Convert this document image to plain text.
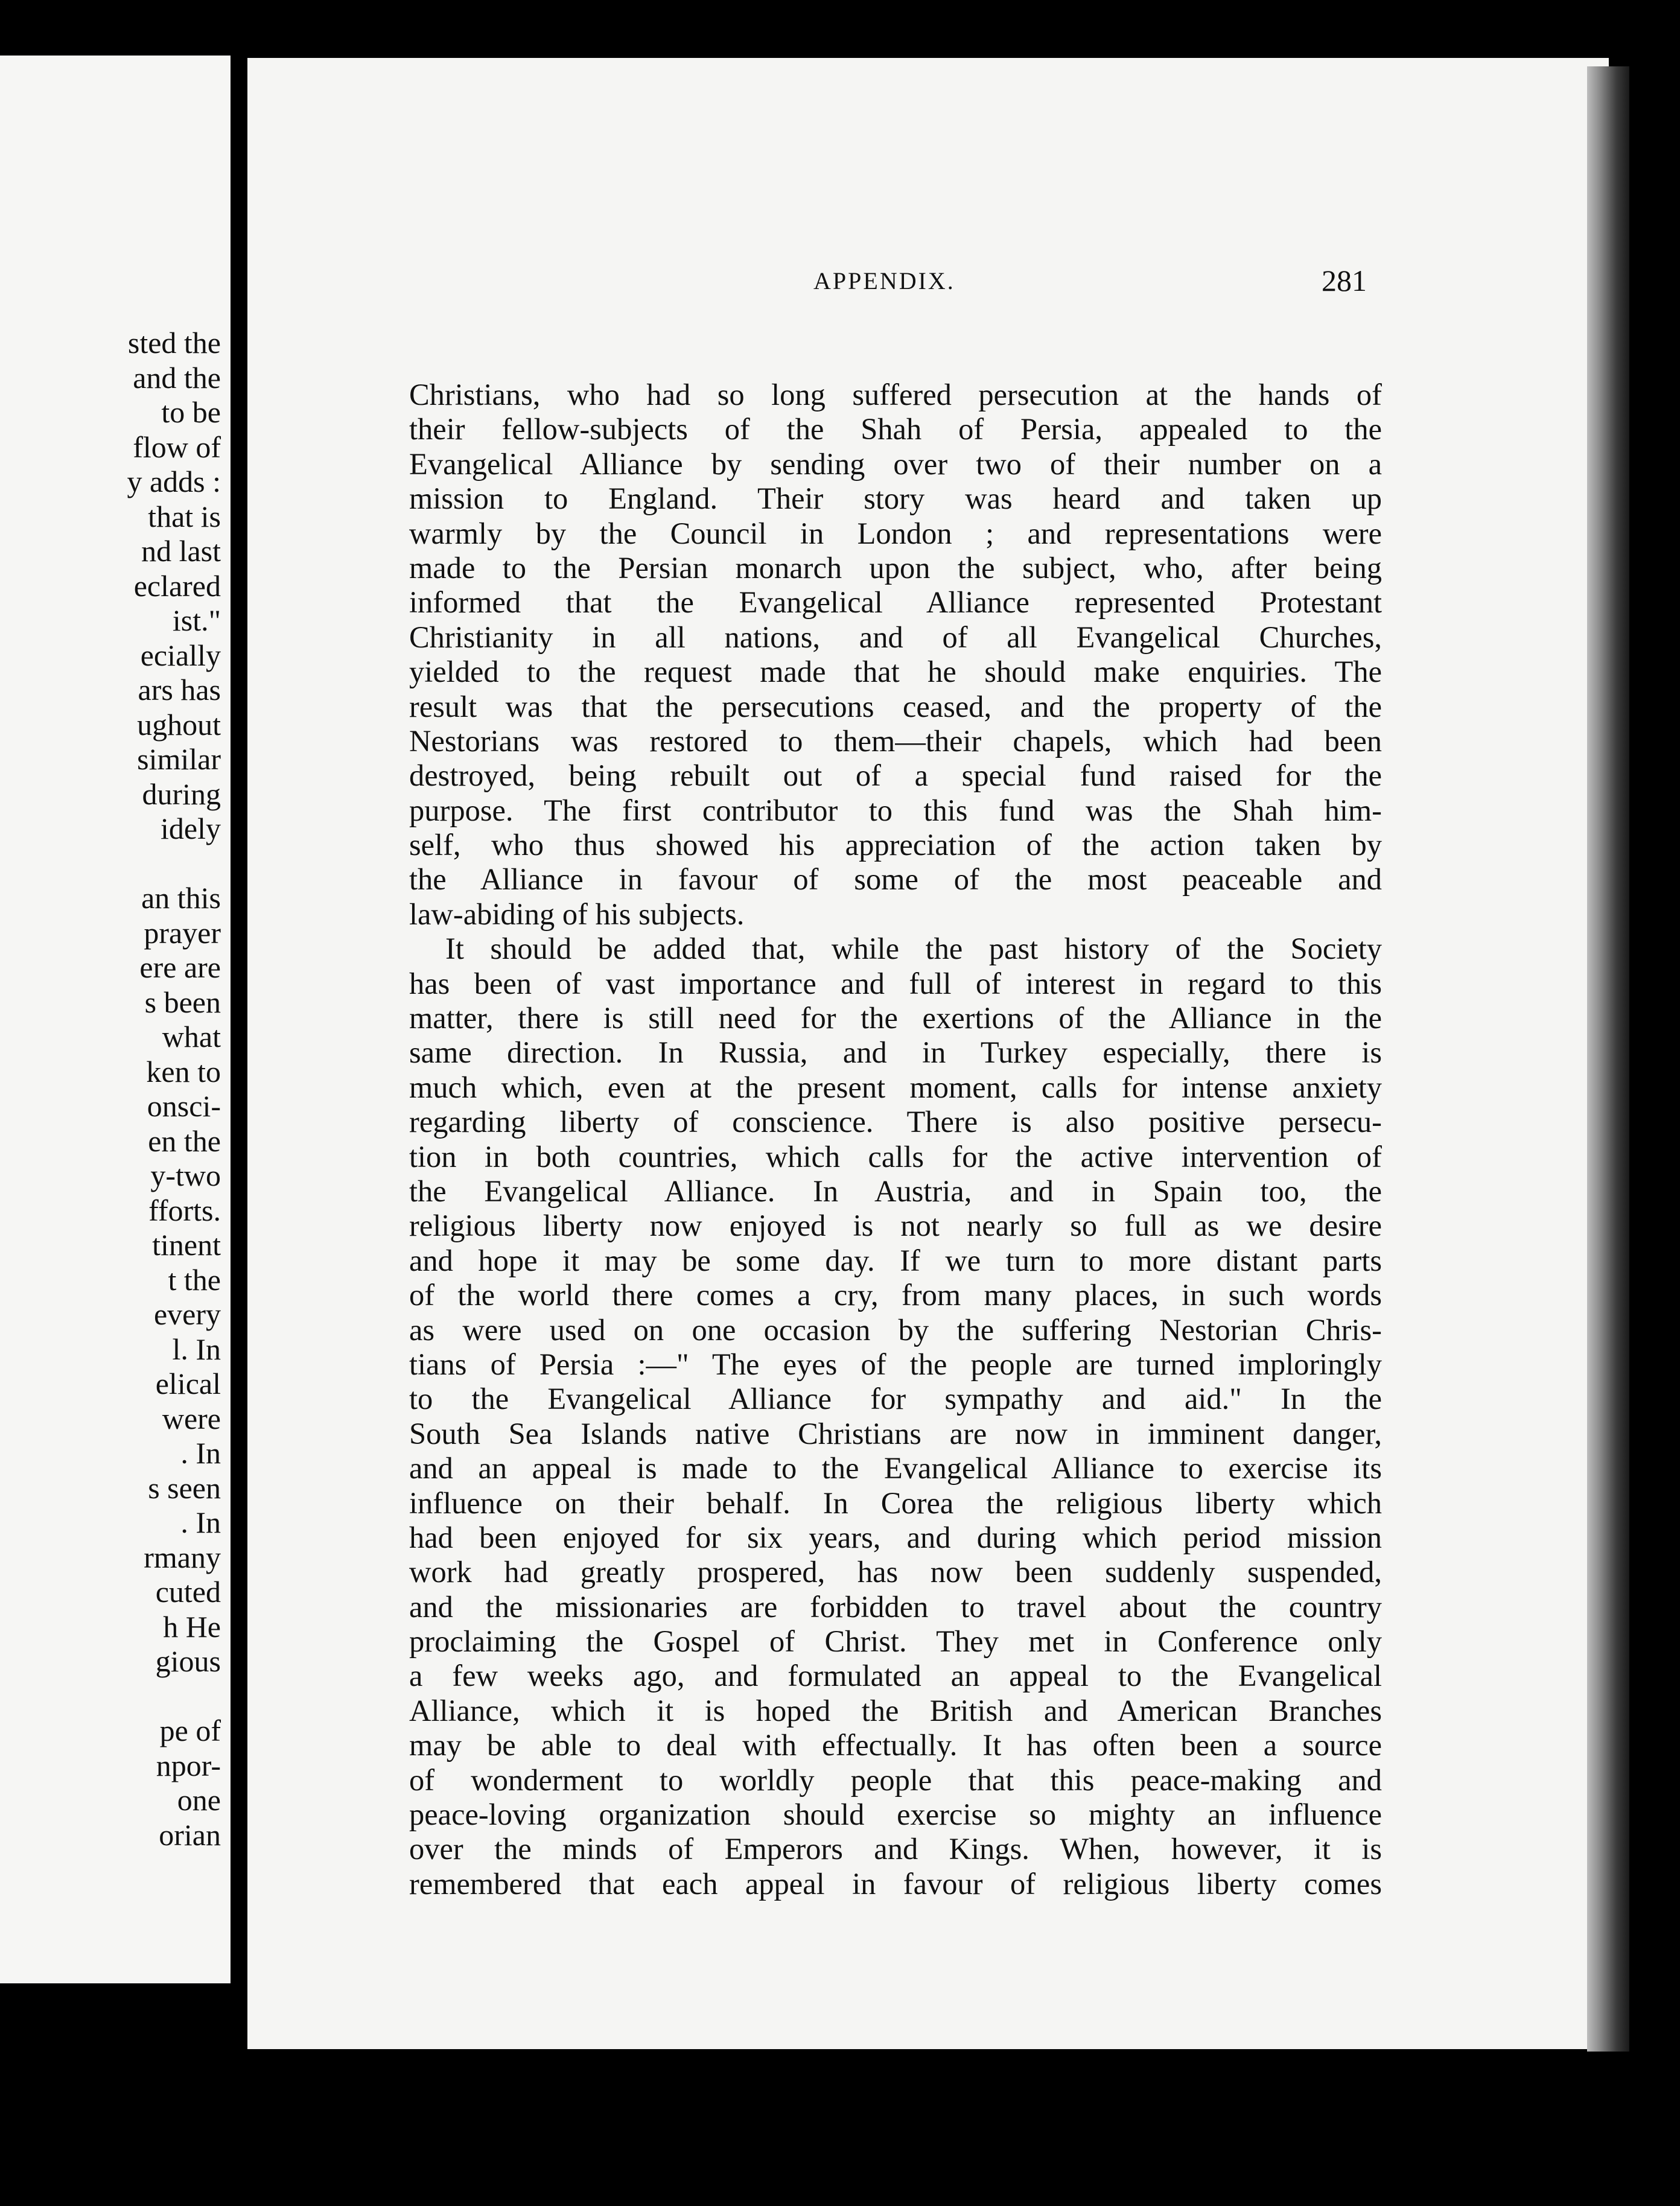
sted the
and the
to be
flow of
y adds :
that is
nd last
eclared
ist."
ecially
ars has
ughout
similar
during
idely
an this
prayer
ere are
s been
what
ken to
onsci-
en the
y-two
fforts.
tinent
t the
every
l. In
elical
were
. In
s seen
. In
rmany
cuted
h He
gious
pe of
npor-
one
orian
APPENDIX.	281
Christians, who had so long suffered persecution at the hands of
their fellow-subjects of the Shah of Persia, appealed to the
Evangelical Alliance by sending over two of their number on a
mission to England. Their story was heard and taken up
warmly by the Council in London ; and representations were
made to the Persian monarch upon the subject, who, after being
informed that the Evangelical Alliance represented Protestant
Christianity in all nations, and of all Evangelical Churches,
yielded to the request made that he should make enquiries. The
result was that the persecutions ceased, and the property of the
Nestorians was restored to them—their chapels, which had been
destroyed, being rebuilt out of a special fund raised for the
purpose. The first contributor to this fund was the Shah him-
self, who thus showed his appreciation of the action taken by
the Alliance in favour of some of the most peaceable and
law-abiding of his subjects.
It should be added that, while the past history of the Society
has been of vast importance and full of interest in regard to this
matter, there is still need for the exertions of the Alliance in the
same direction. In Russia, and in Turkey especially, there is
much which, even at the present moment, calls for intense anxiety
regarding liberty of conscience. There is also positive persecu-
tion in both countries, which calls for the active intervention of
the Evangelical Alliance. In Austria, and in Spain too, the
religious liberty now enjoyed is not nearly so full as we desire
and hope it may be some day. If we turn to more distant parts
of the world there comes a cry, from many places, in such words
as were used on one occasion by the suffering Nestorian Chris-
tians of Persia :—" The eyes of the people are turned imploringly
to the Evangelical Alliance for sympathy and aid." In the
South Sea Islands native Christians are now in imminent danger,
and an appeal is made to the Evangelical Alliance to exercise its
influence on their behalf. In Corea the religious liberty which
had been enjoyed for six years, and during which period mission
work had greatly prospered, has now been suddenly suspended,
and the missionaries are forbidden to travel about the country
proclaiming the Gospel of Christ. They met in Conference only
a few weeks ago, and formulated an appeal to the Evangelical
Alliance, which it is hoped the British and American Branches
may be able to deal with effectually. It has often been a source
of wonderment to worldly people that this peace-making and
peace-loving organization should exercise so mighty an influence
over the minds of Emperors and Kings. When, however, it is
remembered that each appeal in favour of religious liberty comes
